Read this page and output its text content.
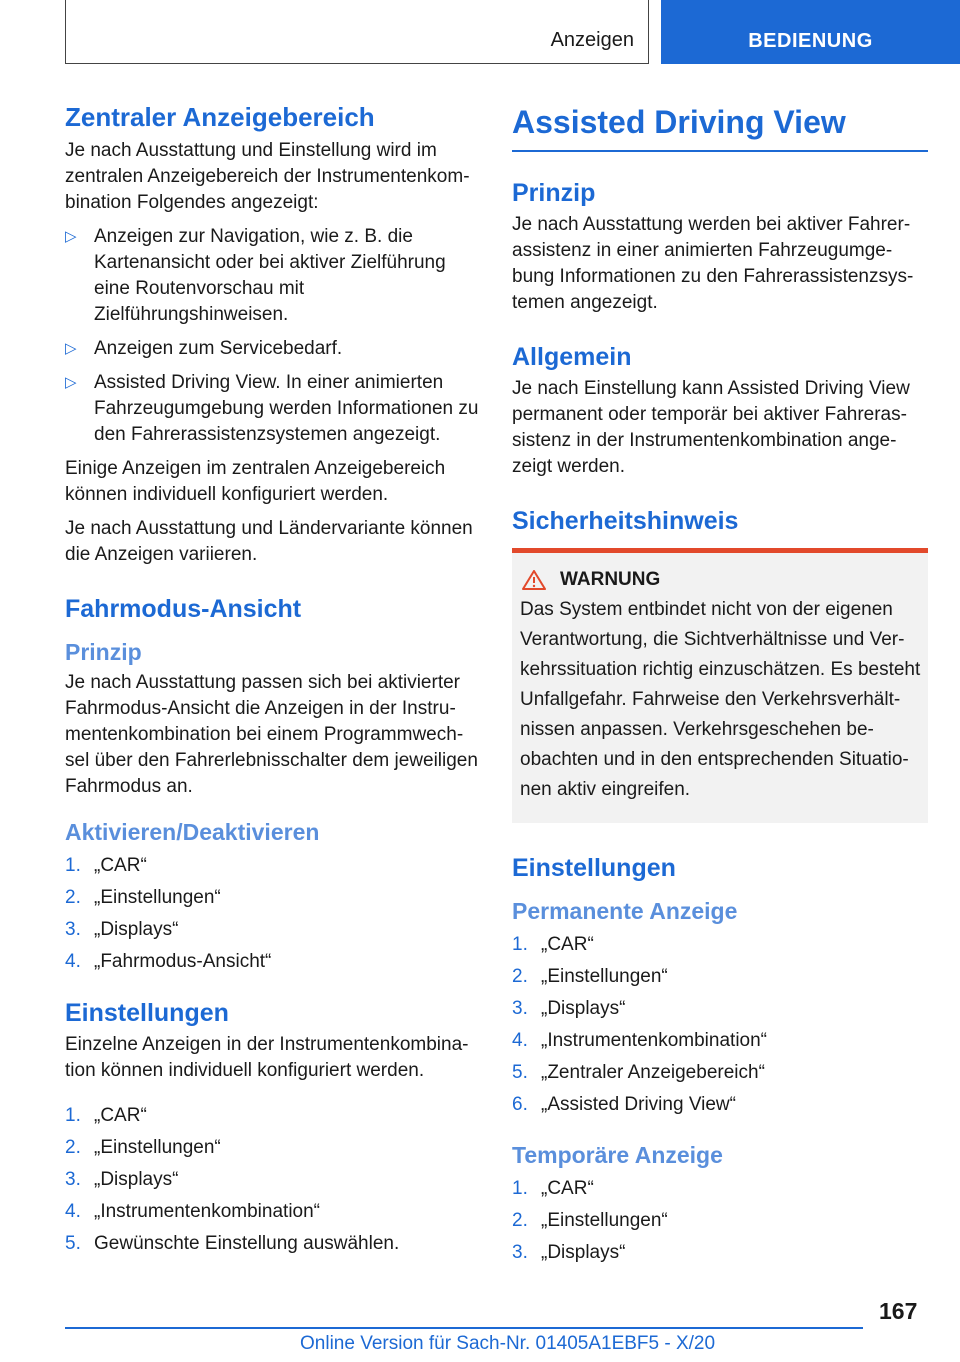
Anzeigen	BEDIENUNG
Zentraler Anzeigebereich

Je nach Ausstattung und Einstellung wird im zentralen Anzeigebereich der Instrumentenkombination Folgendes angezeigt:

▷ Anzeigen zur Navigation, wie z. B. die Kartenansicht oder bei aktiver Zielführung eine Routenvorschau mit Zielführungshinweisen.
▷ Anzeigen zum Servicebedarf.
▷ Assisted Driving View. In einer animierten Fahrzeugumgebung werden Informationen zu den Fahrerassistenzsystemen angezeigt.

Einige Anzeigen im zentralen Anzeigebereich können individuell konfiguriert werden.

Je nach Ausstattung und Ländervariante können die Anzeigen variieren.

Fahrmodus-Ansicht
Prinzip

Je nach Ausstattung passen sich bei aktivierter Fahrmodus-Ansicht die Anzeigen in der Instrumentenkombination bei einem Programmwechsel über den Fahrerlebnisschalter dem jeweiligen Fahrmodus an.

Aktivieren/Deaktivieren
1. „CAR“
2. „Einstellungen“
3. „Displays“
4. „Fahrmodus-Ansicht“
Einstellungen

Einzelne Anzeigen in der Instrumentenkombination können individuell konfiguriert werden.

1. „CAR“
2. „Einstellungen“
3. „Displays“
4. „Instrumentenkombination“
5. Gewünschte Einstellung auswählen.
Assisted Driving View
Prinzip

Je nach Ausstattung werden bei aktiver Fahrerassistenz in einer animierten Fahrzeugumgebung Informationen zu den Fahrerassistenzsystemen angezeigt.

Allgemein

Je nach Einstellung kann Assisted Driving View permanent oder temporär bei aktiver Fahrerassistenz in der Instrumentenkombination angezeigt werden.

Sicherheitshinweis
WARNUNG

Das System entbindet nicht von der eigenen Verantwortung, die Sichtverhältnisse und Verkehrssituation richtig einzuschätzen. Es besteht Unfallgefahr. Fahrweise den Verkehrsverhältnissen anpassen. Verkehrsgeschehen beobachten und in den entsprechenden Situationen aktiv eingreifen.

Einstellungen
Permanente Anzeige
1. „CAR“
2. „Einstellungen“
3. „Displays“
4. „Instrumentenkombination“
5. „Zentraler Anzeigebereich“
6. „Assisted Driving View“
Temporäre Anzeige
1. „CAR“
2. „Einstellungen“
3. „Displays“
167
Online Version für Sach-Nr. 01405A1EBF5 - X/20
